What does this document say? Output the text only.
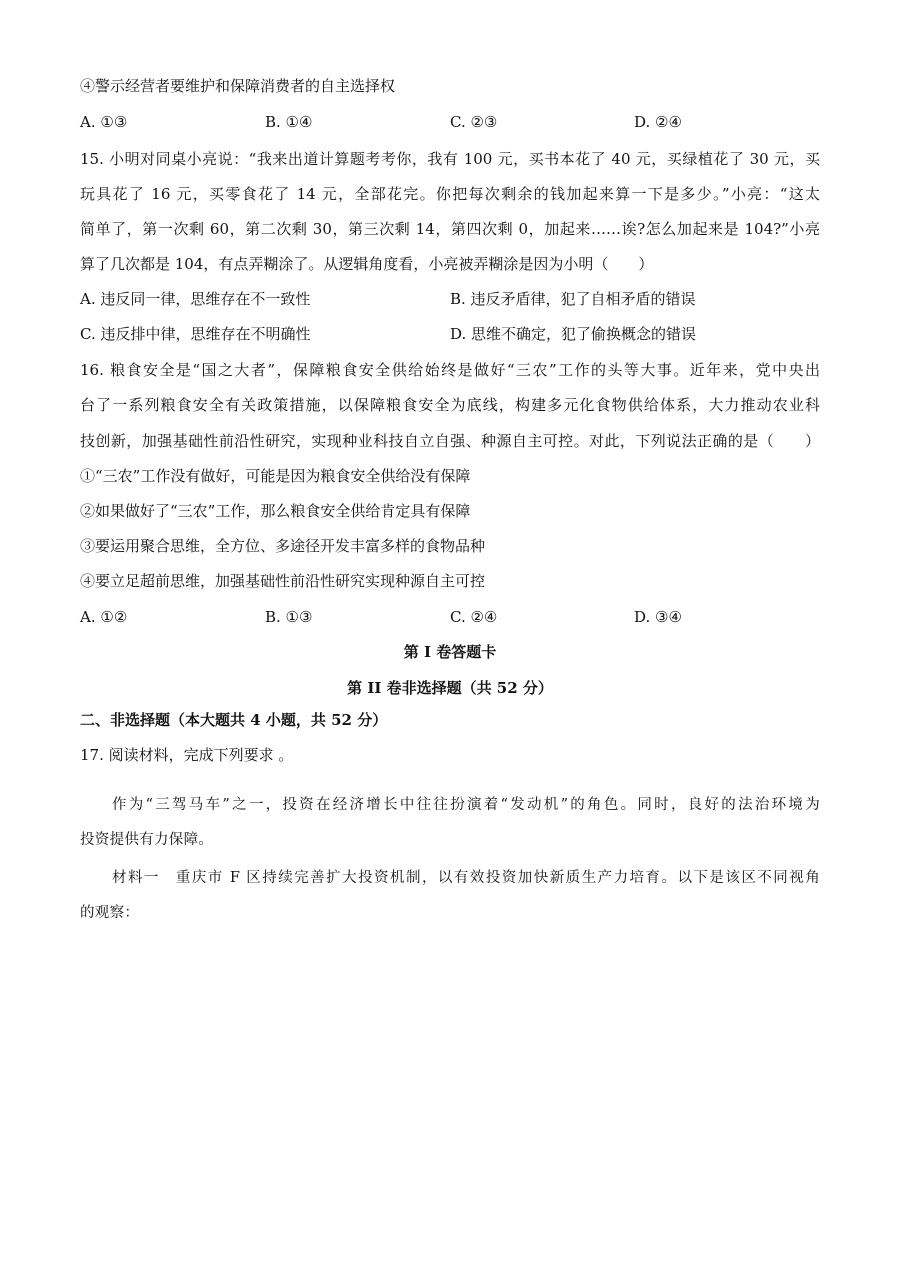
④警示经营者要维护和保障消费者的自主选择权
A. ①③	B. ①④	C. ②③	D. ②④
15. 小明对同桌小亮说：“我来出道计算题考考你，我有 100 元，买书本花了 40 元，买绿植花了 30 元，买
玩具花了 16 元，买零食花了 14 元，全部花完。你把每次剩余的钱加起来算一下是多少。”小亮：“这太
简单了，第一次剩 60，第二次剩 30，第三次剩 14，第四次剩 0，加起来……诶?怎么加起来是 104?”小亮
算了几次都是 104，有点弄糊涂了。从逻辑角度看，小亮被弄糊涂是因为小明（　　）
A. 违反同一律，思维存在不一致性	B. 违反矛盾律，犯了自相矛盾的错误
C. 违反排中律，思维存在不明确性	D. 思维不确定，犯了偷换概念的错误
16. 粮食安全是“国之大者”，保障粮食安全供给始终是做好“三农”工作的头等大事。近年来，党中央出
台了一系列粮食安全有关政策措施，以保障粮食安全为底线，构建多元化食物供给体系，大力推动农业科
技创新，加强基础性前沿性研究，实现种业科技自立自强、种源自主可控。对此，下列说法正确的是（　　）
①“三农”工作没有做好，可能是因为粮食安全供给没有保障
②如果做好了“三农”工作，那么粮食安全供给肯定具有保障
③要运用聚合思维，全方位、多途径开发丰富多样的食物品种
④要立足超前思维，加强基础性前沿性研究实现种源自主可控
A. ①②	B. ①③	C. ②④	D. ③④
第 I 卷答题卡
第 II 卷非选择题（共 52 分）
二、非选择题（本大题共 4 小题，共 52 分）
17. 阅读材料，完成下列要求 。
作为“三驾马车”之一，投资在经济增长中往往扮演着“发动机”的角色。同时，良好的法治环境为
投资提供有力保障。
材料一　重庆市 F 区持续完善扩大投资机制，以有效投资加快新质生产力培育。以下是该区不同视角
的观察：
